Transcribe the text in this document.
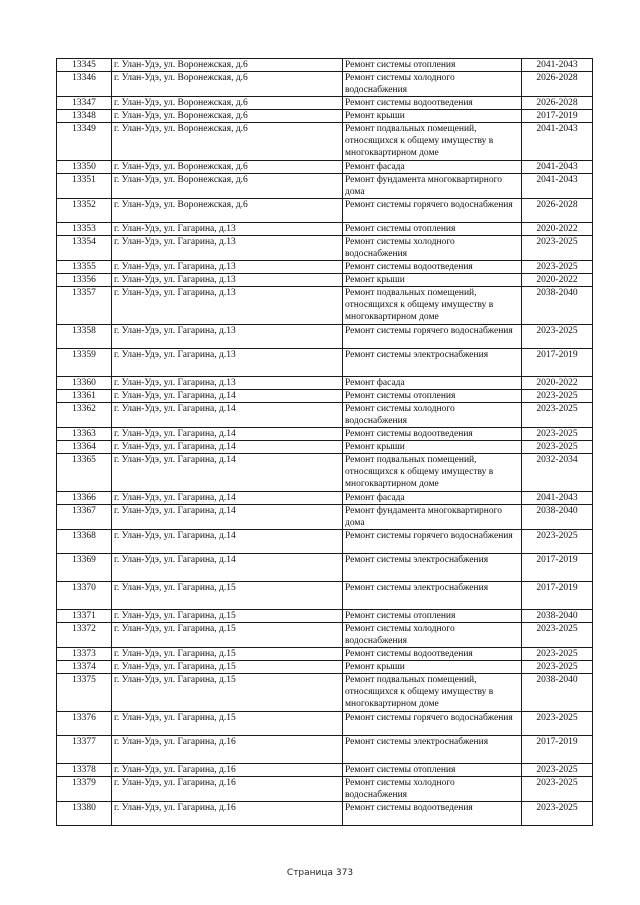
13345	г. Улан-Удэ, ул. Воронежская, д.6	Ремонт системы отопления	2041-2043
13346	г. Улан-Удэ, ул. Воронежская, д.6	Ремонт системы холодного водоснабжения	2026-2028
13347	г. Улан-Удэ, ул. Воронежская, д.6	Ремонт системы водоотведения	2026-2028
13348	г. Улан-Удэ, ул. Воронежская, д.6	Ремонт крыши	2017-2019
13349	г. Улан-Удэ, ул. Воронежская, д.6	Ремонт подвальных помещений, относящихся к общему имуществу в многоквартирном доме	2041-2043
13350	г. Улан-Удэ, ул. Воронежская, д.6	Ремонт фасада	2041-2043
13351	г. Улан-Удэ, ул. Воронежская, д.6	Ремонт фундамента многоквартирного дома	2041-2043
13352	г. Улан-Удэ, ул. Воронежская, д.6	Ремонт системы горячего водоснабжения	2026-2028
13353	г. Улан-Удэ, ул. Гагарина, д.13	Ремонт системы отопления	2020-2022
13354	г. Улан-Удэ, ул. Гагарина, д.13	Ремонт системы холодного водоснабжения	2023-2025
13355	г. Улан-Удэ, ул. Гагарина, д.13	Ремонт системы водоотведения	2023-2025
13356	г. Улан-Удэ, ул. Гагарина, д.13	Ремонт крыши	2020-2022
13357	г. Улан-Удэ, ул. Гагарина, д.13	Ремонт подвальных помещений, относящихся к общему имуществу в многоквартирном доме	2038-2040
13358	г. Улан-Удэ, ул. Гагарина, д.13	Ремонт системы горячего водоснабжения	2023-2025
13359	г. Улан-Удэ, ул. Гагарина, д.13	Ремонт системы электроснабжения	2017-2019
13360	г. Улан-Удэ, ул. Гагарина, д.13	Ремонт фасада	2020-2022
13361	г. Улан-Удэ, ул. Гагарина, д.14	Ремонт системы отопления	2023-2025
13362	г. Улан-Удэ, ул. Гагарина, д.14	Ремонт системы холодного водоснабжения	2023-2025
13363	г. Улан-Удэ, ул. Гагарина, д.14	Ремонт системы водоотведения	2023-2025
13364	г. Улан-Удэ, ул. Гагарина, д.14	Ремонт крыши	2023-2025
13365	г. Улан-Удэ, ул. Гагарина, д.14	Ремонт подвальных помещений, относящихся к общему имуществу в многоквартирном доме	2032-2034
13366	г. Улан-Удэ, ул. Гагарина, д.14	Ремонт фасада	2041-2043
13367	г. Улан-Удэ, ул. Гагарина, д.14	Ремонт фундамента многоквартирного дома	2038-2040
13368	г. Улан-Удэ, ул. Гагарина, д.14	Ремонт системы горячего водоснабжения	2023-2025
13369	г. Улан-Удэ, ул. Гагарина, д.14	Ремонт системы электроснабжения	2017-2019
13370	г. Улан-Удэ, ул. Гагарина, д.15	Ремонт системы электроснабжения	2017-2019
13371	г. Улан-Удэ, ул. Гагарина, д.15	Ремонт системы отопления	2038-2040
13372	г. Улан-Удэ, ул. Гагарина, д.15	Ремонт системы холодного водоснабжения	2023-2025
13373	г. Улан-Удэ, ул. Гагарина, д.15	Ремонт системы водоотведения	2023-2025
13374	г. Улан-Удэ, ул. Гагарина, д.15	Ремонт крыши	2023-2025
13375	г. Улан-Удэ, ул. Гагарина, д.15	Ремонт подвальных помещений, относящихся к общему имуществу в многоквартирном доме	2038-2040
13376	г. Улан-Удэ, ул. Гагарина, д.15	Ремонт системы горячего водоснабжения	2023-2025
13377	г. Улан-Удэ, ул. Гагарина, д.16	Ремонт системы электроснабжения	2017-2019
13378	г. Улан-Удэ, ул. Гагарина, д.16	Ремонт системы отопления	2023-2025
13379	г. Улан-Удэ, ул. Гагарина, д.16	Ремонт системы холодного водоснабжения	2023-2025
13380	г. Улан-Удэ, ул. Гагарина, д.16	Ремонт системы водоотведения	2023-2025
Страница 373
